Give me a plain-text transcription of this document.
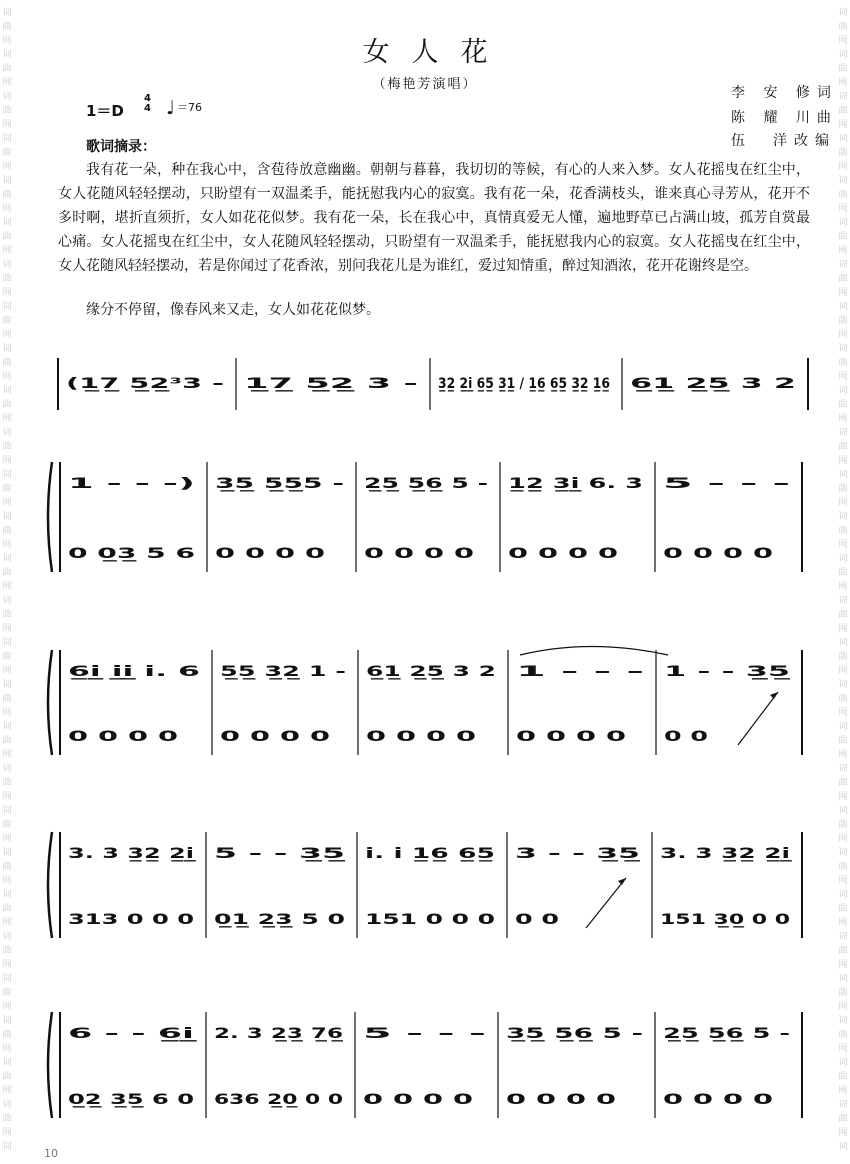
词
曲
网
词
曲
网
词
曲
网
词
曲
网
词
曲
网
词
曲
网
词
曲
网
词
曲
网
词
曲
网
词
曲
网
词
曲
网
词
曲
网
词
曲
网
词
曲
网
词
曲
网
词
曲
网
词
曲
网
词
曲
网
词
曲
网
词
曲
网
词
曲
网
词
曲
网
词
曲
网
词
曲
网
词
曲
网
词
曲
网
词
曲
网
词
词
曲
网
词
曲
网
词
曲
网
词
曲
网
词
曲
网
词
曲
网
词
曲
网
词
曲
网
词
曲
网
词
曲
网
词
曲
网
词
曲
网
词
曲
网
词
曲
网
词
曲
网
词
曲
网
词
曲
网
词
曲
网
词
曲
网
词
曲
网
词
曲
网
词
曲
网
词
曲
网
词
曲
网
词
曲
网
词
曲
网
词
曲
网
词
女人花
（梅艳芳演唱）
李 安 修词
陈 耀 川曲
伍　洋改编
1＝D
4
4 ♩ ＝76
歌词摘录：

我有花一朵，种在我心中，含苞待放意幽幽。朝朝与暮暮，我切切的等候，有心的人来入梦。女人花摇曳在红尘中，女人花随风轻轻摆动，只盼望有一双温柔手，能抚慰我内心的寂寞。我有花一朵，花香满枝头，谁来真心寻芳从，花开不多时啊，堪折直须折，女人如花花似梦。我有花一朵，长在我心中，真情真爱无人懂，遍地野草已占满山坡，孤芳自赏最心痛。女人花摇曳在红尘中，女人花随风轻轻摆动，只盼望有一双温柔手，能抚慰我内心的寂寞。女人花摇曳在红尘中，女人花随风轻轻摆动，若是你闻过了花香浓，别问我花儿是为谁红，爱过知情重，醉过知酒浓，花开花谢终是空。

缘分不停留，像春风来又走，女人如花花似梦。

(1̲7̲ 5̲2̲³3 - 1̲7̲ 5̲2̲ 3 - 3̲2̲ 2̲i̲ 6̲5̲ 3̲1̲ / 1̲6̲ 6̲5̲ 3̲2̲ 1̲6̲ 6̲1̲ 2̲5̲ 3 2
1 - - -)
0 0̲3̲ 5 6
3̲5̲ 5̲5̲5 -
0 0 0 0
2̲5̲ 5̲6̲ 5 -
0 0 0 0
1̲2̲ 3̲i̲ 6. 3
0 0 0 0
5 - - -
0 0 0 0
6̲i̲ i̲i̲ i. 6
0 0 0 0
5̲5̲ 3̲2̲ 1 -
0 0 0 0
6̲1̲ 2̲5̲ 3 2
0 0 0 0
1 - - -
0 0 0 0
1 - - 3̲5̲
0 0
3. 3 3̲2̲ 2̲i̲
313 0 0 0
5 - - 3̲5̲
0̲1̲ 2̲3̲ 5 0
i. i 1̲6̲ 6̲5̲
151 0 0 0
3 - - 3̲5̲
0 0
3. 3 3̲2̲ 2̲i̲
151 3̲0̲ 0 0
6 - - 6̲i̲
0̲2̲ 3̲5̲ 6 0
2. 3 2̲3̲ 7̲6̲
636 2̲0̲ 0 0
5 - - -
0 0 0 0
3̲5̲ 5̲6̲ 5 -
0 0 0 0
2̲5̲ 5̲6̲ 5 -
0 0 0 0
10
